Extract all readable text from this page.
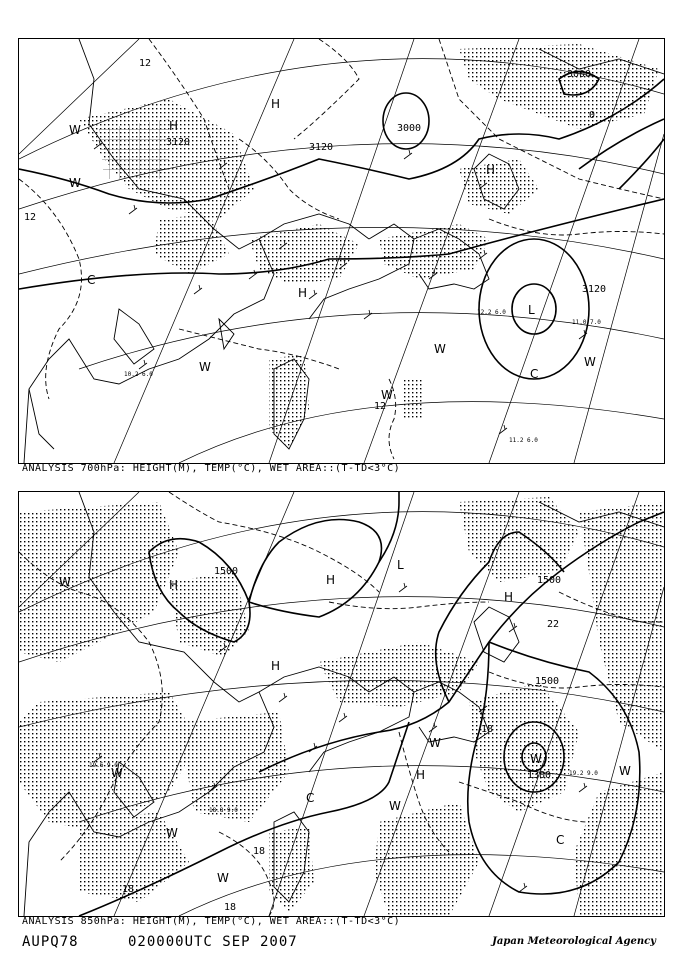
3120
3000
3000
3120
3120
12
12
12
0
H
H
H
L
W
W
W
W
W
C
C
W
H
11.2 6.0
11.0 7.0
10.2 6.0
12.2 6.0
ANALYSIS 700hPa: HEIGHT(M), TEMP(°C), WET AREA::(T-TD<3°C)
1500
1500
1500
1380
18
18
18
18
22
H	H
H
H
H
W
W
W
C
C
L
W
W
W
W
W
19.2 9.0
18.8 9.0
19.6 9.0
ANALYSIS 850hPa: HEIGHT(M), TEMP(°C), WET AREA::(T-TD<3°C)
AUPQ78	020000UTC SEP 2007	Japan Meteorological Agency
